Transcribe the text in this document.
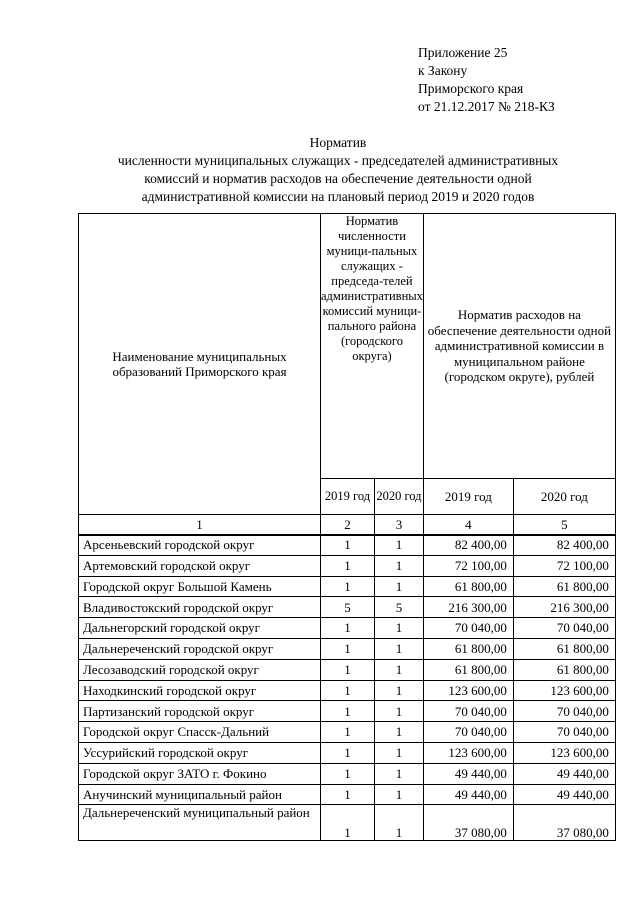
Приложение 25
к Закону
Приморского края
от 21.12.2017 № 218-КЗ
Норматив
численности муниципальных служащих - председателей административных
комиссий и норматив расходов на обеспечение деятельности одной
административной комиссии на плановый период 2019 и 2020 годов
Наименование муниципальных образований Приморского края	Норматив численности муници-пальных служащих - председа-телей административных комиссий муници-пального района (городского округа)		Норматив расходов на обеспечение деятельности одной административной комиссии в муниципальном районе (городском округе), рублей	
	2019 год	2020 год	2019 год	2020 год
1	2	3	4	5
Арсеньевский городской округ	1	1	82 400,00	82 400,00
Артемовский городской округ	1	1	72 100,00	72 100,00
Городской округ Большой Камень	1	1	61 800,00	61 800,00
Владивостокский городской округ	5	5	216 300,00	216 300,00
Дальнегорский городской округ	1	1	70 040,00	70 040,00
Дальнереченский городской округ	1	1	61 800,00	61 800,00
Лесозаводский городской округ	1	1	61 800,00	61 800,00
Находкинский городской округ	1	1	123 600,00	123 600,00
Партизанский городской округ	1	1	70 040,00	70 040,00
Городской округ Спасск-Дальний	1	1	70 040,00	70 040,00
Уссурийский городской округ	1	1	123 600,00	123 600,00
Городской округ ЗАТО г. Фокино	1	1	49 440,00	49 440,00
Анучинский муниципальный район	1	1	49 440,00	49 440,00
Дальнереченский муниципальный район	1	1	37 080,00	37 080,00
